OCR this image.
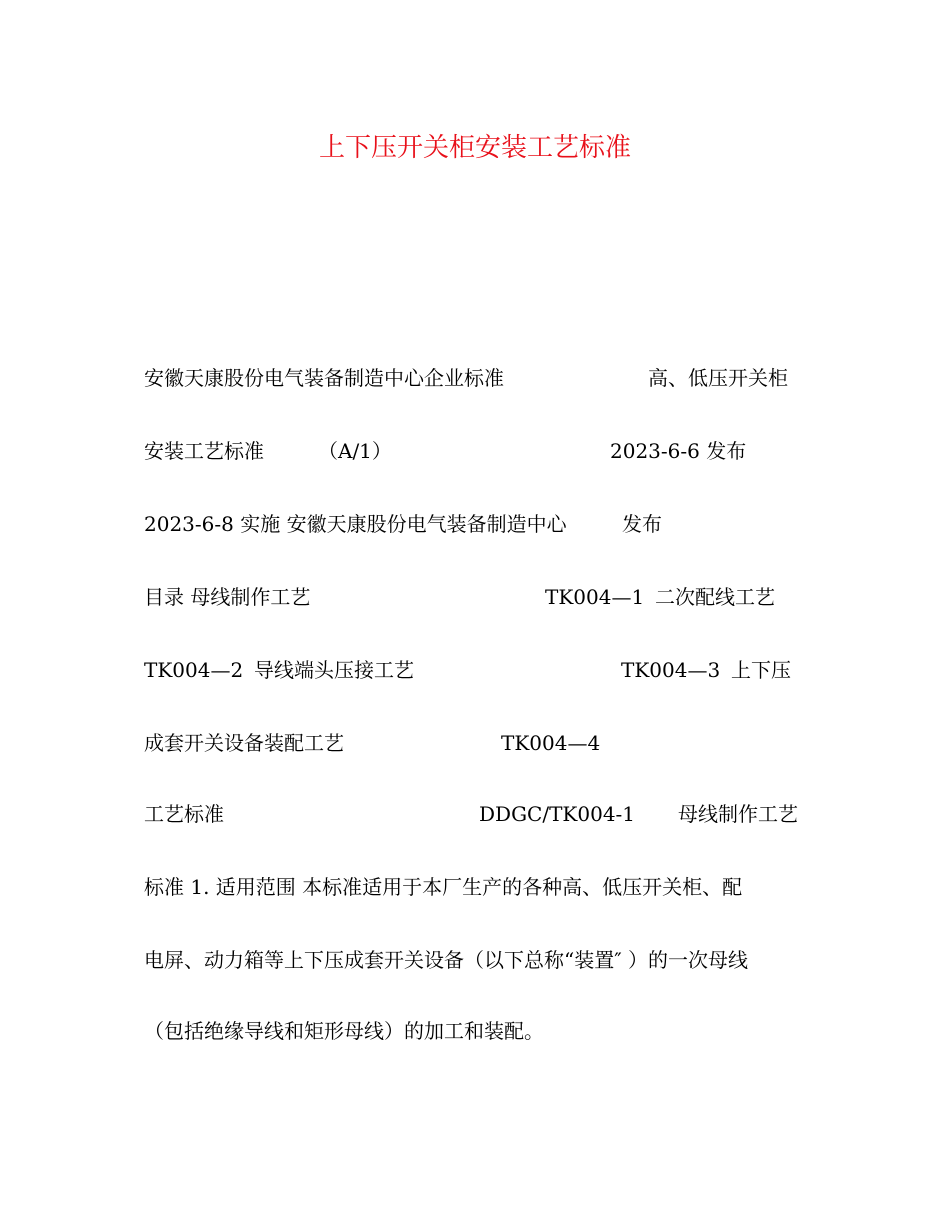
上下压开关柜安装工艺标准
安徽天康股份电气装备制造中心企业标准	高、低压开关柜
安装工艺标准	（A/1）	2023-6-6 发布
2023-6-8 实施 安徽天康股份电气装备制造中心	发布
目录 母线制作工艺	TK004—1 二次配线工艺
TK004—2 导线端头压接工艺	TK004—3 上下压
成套开关设备装配工艺	TK004—4
工艺标准	DDGC/TK004-1 母线制作工艺
标准 1. 适用范围 本标准适用于本厂生产的各种高、低压开关柜、配
电屏、动力箱等上下压成套开关设备（以下总称“装置″ ）的一次母线
（包括绝缘导线和矩形母线）的加工和装配。
